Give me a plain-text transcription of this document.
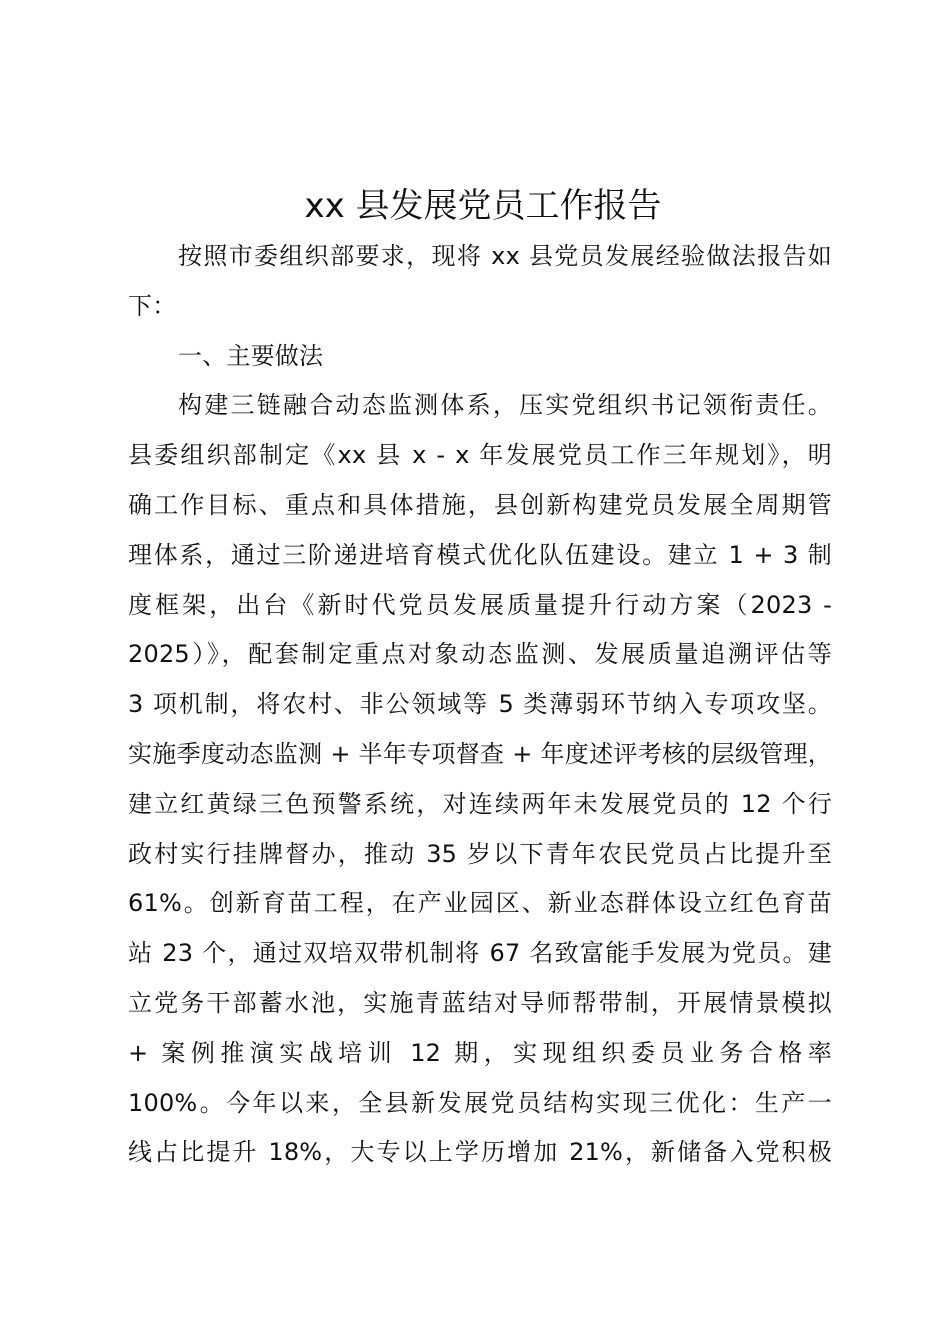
xx 县发展党员工作报告
按照市委组织部要求，现将 xx 县党员发展经验做法报告如
下：
一、主要做法
构建三链融合动态监测体系，压实党组织书记领衔责任。
县委组织部制定《xx 县 x - x 年发展党员工作三年规划》，明
确工作目标、重点和具体措施，县创新构建党员发展全周期管
理体系，通过三阶递进培育模式优化队伍建设。建立 1 + 3 制
度框架，出台《新时代党员发展质量提升行动方案（2023 -
2025）》，配套制定重点对象动态监测、发展质量追溯评估等
3 项机制，将农村、非公领域等 5 类薄弱环节纳入专项攻坚。
实施季度动态监测 + 半年专项督查 + 年度述评考核的层级管理，
建立红黄绿三色预警系统，对连续两年未发展党员的 12 个行
政村实行挂牌督办，推动 35 岁以下青年农民党员占比提升至
61%。创新育苗工程，在产业园区、新业态群体设立红色育苗
站 23 个，通过双培双带机制将 67 名致富能手发展为党员。建
立党务干部蓄水池，实施青蓝结对导师帮带制，开展情景模拟
+ 案例推演实战培训 12 期，实现组织委员业务合格率
100%。今年以来，全县新发展党员结构实现三优化：生产一
线占比提升 18%，大专以上学历增加 21%，新储备入党积极
